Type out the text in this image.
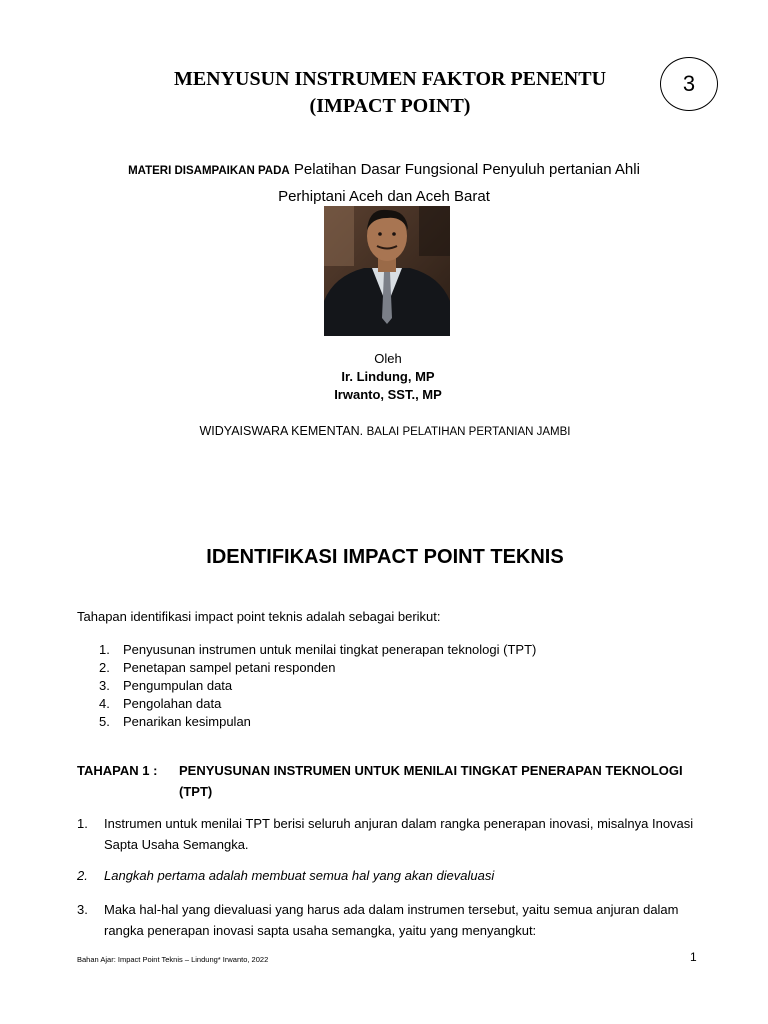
MENYUSUN INSTRUMEN FAKTOR PENENTU
(IMPACT POINT)
3
MATERI DISAMPAIKAN PADA Pelatihan Dasar Fungsional Penyuluh pertanian Ahli
Perhiptani Aceh dan Aceh Barat
Oleh
Ir. Lindung, MP
Irwanto, SST., MP
WIDYAISWARA KEMENTAN. BALAI PELATIHAN PERTANIAN JAMBI
IDENTIFIKASI IMPACT POINT TEKNIS
Tahapan identifikasi impact point teknis adalah sebagai berikut:
1.	Penyusunan instrumen untuk menilai tingkat penerapan teknologi (TPT)
2.	Penetapan sampel petani responden
3.	Pengumpulan data
4.	Pengolahan data
5.	Penarikan kesimpulan
TAHAPAN 1 :	PENYUSUNAN INSTRUMEN UNTUK MENILAI TINGKAT PENERAPAN TEKNOLOGI
(TPT)
1. Instrumen untuk menilai TPT berisi seluruh anjuran dalam rangka penerapan inovasi, misalnya Inovasi Sapta Usaha Semangka.
2. Langkah pertama adalah membuat semua hal yang akan dievaluasi
3. Maka hal-hal yang dievaluasi yang harus ada dalam instrumen tersebut, yaitu semua anjuran dalam rangka penerapan inovasi sapta usaha semangka, yaitu yang menyangkut:
Bahan Ajar: Impact Point Teknis – Lindung* Irwanto, 2022	1
